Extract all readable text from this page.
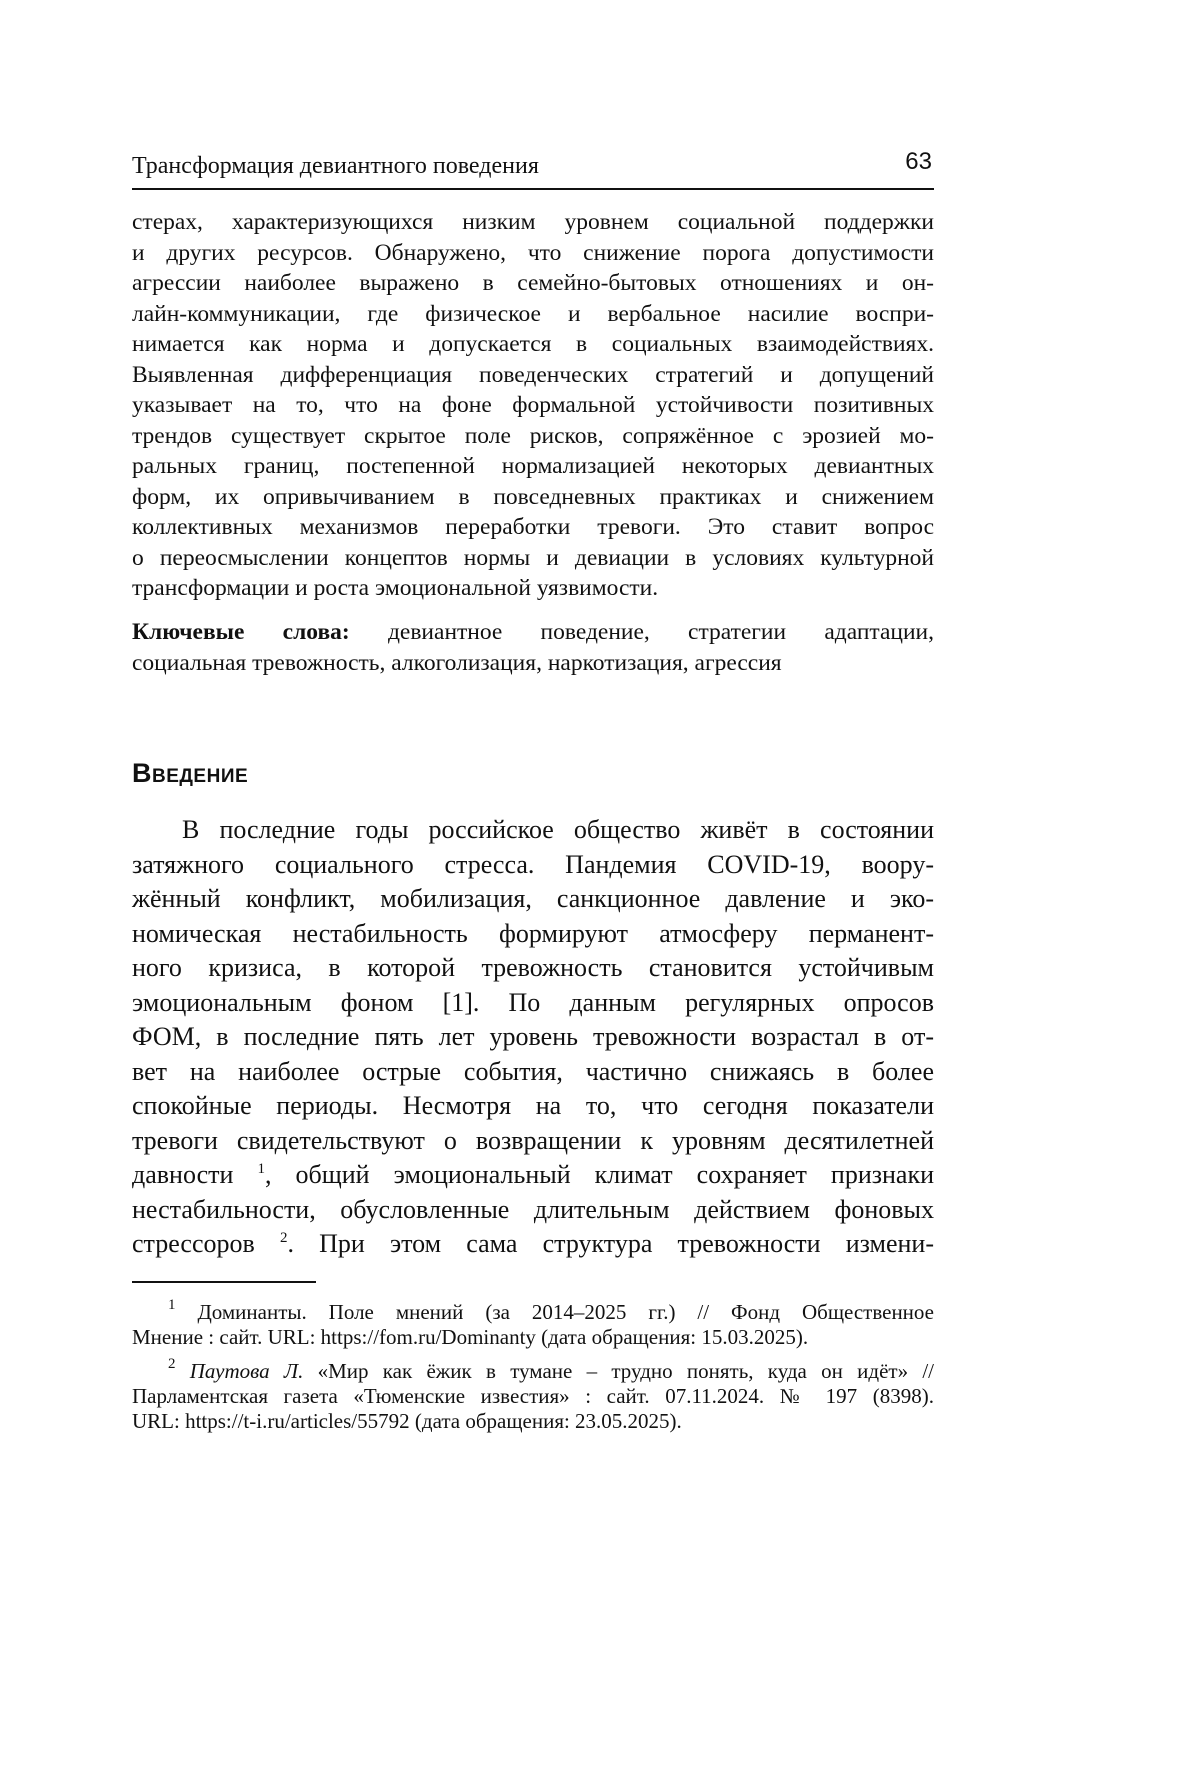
Трансформация девиантного поведения	63
стерах, характеризующихся низким уровнем социальной поддержки
и других ресурсов. Обнаружено, что снижение порога допустимости
агрессии наиболее выражено в семейно-бытовых отношениях и он-
лайн-коммуникации, где физическое и вербальное насилие воспри-
нимается как норма и допускается в социальных взаимодействиях.
Выявленная дифференциация поведенческих стратегий и допущений
указывает на то, что на фоне формальной устойчивости позитивных
трендов существует скрытое поле рисков, сопряжённое с эрозией мо-
ральных границ, постепенной нормализацией некоторых девиантных
форм, их опривычиванием в повседневных практиках и снижением
коллективных механизмов переработки тревоги. Это ставит вопрос
о переосмыслении концептов нормы и девиации в условиях культурной
трансформации и роста эмоциональной уязвимости.
Ключевые слова: девиантное поведение, стратегии адаптации,
социальная тревожность, алкоголизация, наркотизация, агрессия
Введение
В последние годы российское общество живёт в состоянии
затяжного социального стресса. Пандемия COVID-19, воору-
жённый конфликт, мобилизация, санкционное давление и эко-
номическая нестабильность формируют атмосферу перманент-
ного кризиса, в которой тревожность становится устойчивым
эмоциональным фоном [1]. По данным регулярных опросов
ФОМ, в последние пять лет уровень тревожности возрастал в от-
вет на наиболее острые события, частично снижаясь в более
спокойные периоды. Несмотря на то, что сегодня показатели
тревоги свидетельствуют о возвращении к уровням десятилетней
давности $^1$, общий эмоциональный климат сохраняет признаки
нестабильности, обусловленные длительным действием фоновых
стрессоров $^2$. При этом сама структура тревожности измени-
$^1$ Доминанты. Поле мнений (за 2014–2025 гг.) // Фонд Общественное
Мнение : сайт. URL: https://fom.ru/Dominanty (дата обращения: 15.03.2025).
$^2$ Паутова Л. «Мир как ёжик в тумане – трудно понять, куда он идёт» //
Парламентская газета «Тюменские известия» : сайт. 07.11.2024. № 197 (8398).
URL: https://t-i.ru/articles/55792 (дата обращения: 23.05.2025).
